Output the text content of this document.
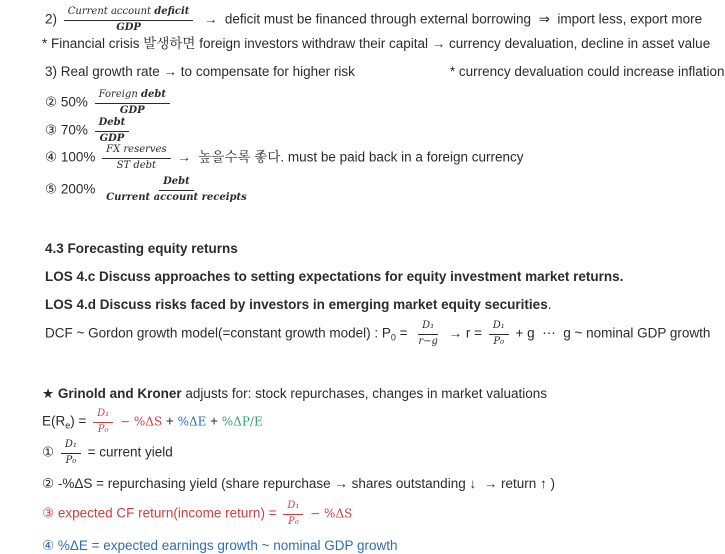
$2) \frac{\text{Current account deficit}}{\text{GDP}}$ →  deficit must be financed through external borrowing  ⇒  import less, export more
* Financial crisis 발생하면 foreign investors withdraw their capital → currency devaluation, decline in asset value
3) Real growth rate → to compensate for higher risk	* currency devaluation could increase inflation
② $50\% \frac{\text{Foreign debt}}{\text{GDP}}$
③ $70\% \frac{\text{Debt}}{\text{GDP}}$
④ $100\% \frac{\text{FX reserves}}{\text{ST debt}}$ →  높을수록 좋다. must be paid back in a foreign currency
⑤ $200\% \frac{\text{Debt}}{\text{Current account receipts}}$
4.3 Forecasting equity returns
LOS 4.c Discuss approaches to setting expectations for equity investment market returns.
LOS 4.d Discuss risks faced by investors in emerging market equity securities.
DCF ~ Gordon growth model(=constant growth model) : $P_0 = \frac{\text{D₁}}{r-g} \to r = \frac{\text{D₁}}{\text{P₀}} + g$  ⋯  g ~ nominal GDP growth
★ Grinold and Kroner adjusts for: stock repurchases, changes in market valuations
$E(R_e) = \frac{\text{D₁}}{\text{P₀}} - \%\Delta S + \%\Delta E + \%\Delta P/E$
① $\frac{\text{D₁}}{\text{P₀}}$ = current yield
② -%ΔS = repurchasing yield (share repurchase → shares outstanding ↓  → return ↑ )
③ expected CF return(income return) = $\frac{\text{D₁}}{\text{P₀}} - \%\Delta S$
④ %ΔE = expected earnings growth ~ nominal GDP growth
